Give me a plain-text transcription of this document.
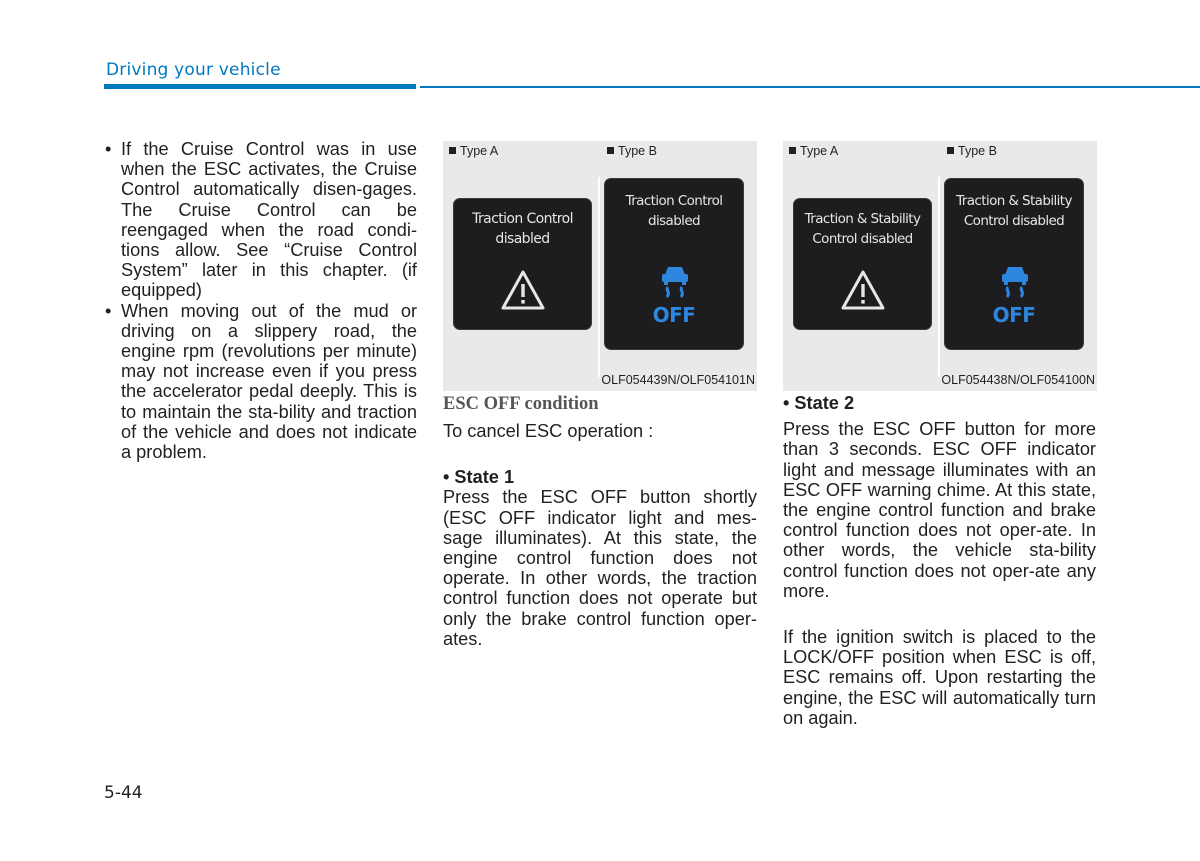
Driving your vehicle
• If the Cruise Control was in use when the ESC activates, the Cruise Control automatically disen-gages. The Cruise Control can be reengaged when the road condi-tions allow. See “Cruise Control System” later in this chapter. (if equipped)
• When moving out of the mud or driving on a slippery road, the engine rpm (revolutions per minute) may not increase even if you press the accelerator pedal deeply. This is to maintain the sta-bility and traction of the vehicle and does not indicate a problem.
Type A	Type B
Traction Control
disabled
Traction Control
disabled
OFF
OLF054439N/OLF054101N
Type A	Type B
Traction & Stability
Control disabled
Traction & Stability
Control disabled
OFF
OLF054438N/OLF054100N
ESC OFF condition

To cancel ESC operation :

• State 1

Press the ESC OFF button shortly (ESC OFF indicator light and mes-sage illuminates). At this state, the engine control function does not operate. In other words, the traction control function does not operate but only the brake control function oper-ates.

• State 2

Press the ESC OFF button for more than 3 seconds. ESC OFF indicator light and message illuminates with an ESC OFF warning chime. At this state, the engine control function and brake control function does not oper-ate. In other words, the vehicle sta-bility control function does not oper-ate any more.

If the ignition switch is placed to the LOCK/OFF position when ESC is off, ESC remains off. Upon restarting the engine, the ESC will automatically turn on again.

5-44
